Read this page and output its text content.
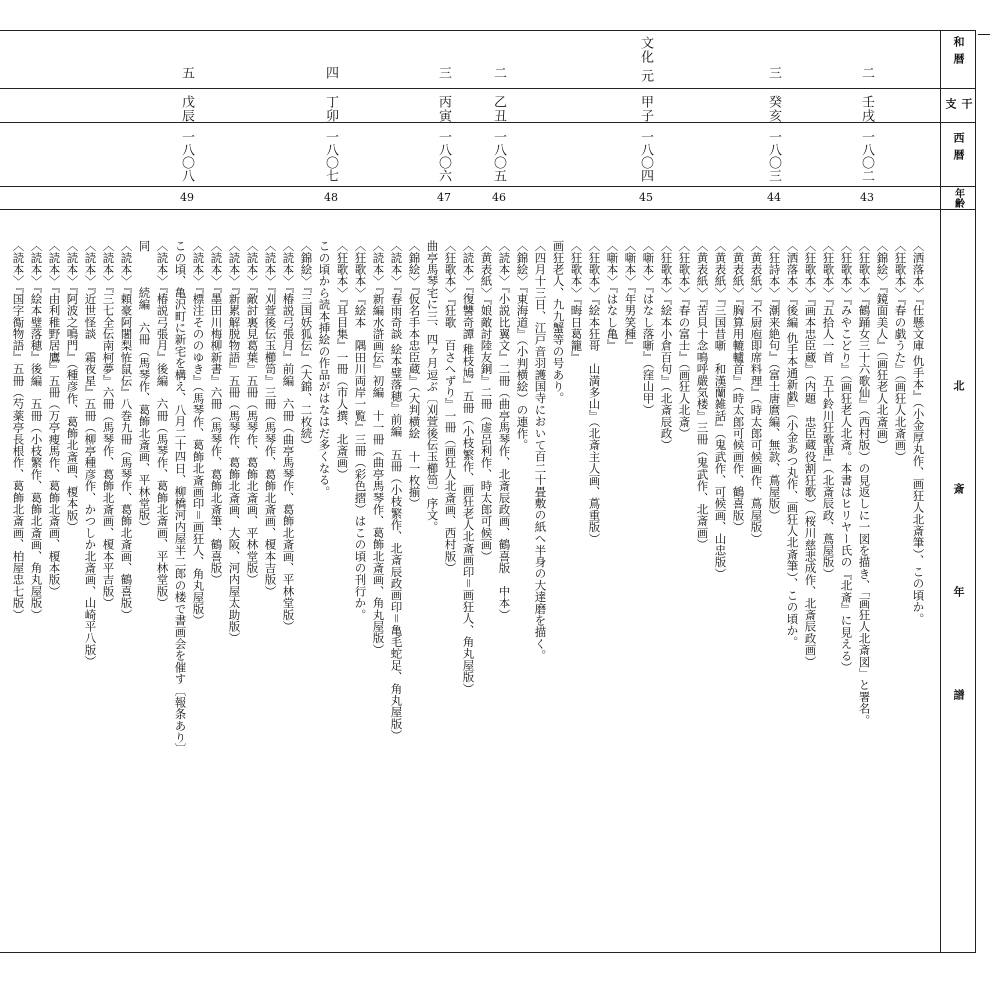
和暦
干支
西暦
年齢
北斎年譜
二
壬戌
一八〇二
43
三
癸亥
一八〇三
44
文化 元
甲子
一八〇四
45
二
乙丑
一八〇五
46
三
丙寅
一八〇六
47
四
丁卯
一八〇七
48
五
戊辰
一八〇八
49
〈洒落本〉『仕懸文庫 仇手本』（小金厚丸作、画狂人北斎筆）、この頃か。
〈狂歌本〉『春の戯うた』（画狂人北斎画）
〈錦絵〉『鏡面美人』（画狂老人北斎画）
〈狂歌本〉『鶴踊女三十六歌仙』（西村版）の見返しに一図を描き、「画狂人北斎図」と署名。
〈狂歌本〉『みやこどり』（画狂老人北斎。本書はヒリヤー氏の『北斎』に見える）
〈狂歌本〉『五拾人一首　五十鈴川狂歌車』（北斎辰政、蔦屋版）
〈狂歌本〉『画本忠臣蔵』（内題　忠臣蔵役割狂歌）（桜川慈悲成作、北斎辰政画）
〈洒落本〉『後編 仇手本通新戯』（小金あつ丸作、画狂人北斎筆）、この頃か。
〈狂詩本〉『潮来絶句』（富士唐麿編、無款、蔦屋版）
〈黄表紙〉『不厨庖即席料理』（時太郎可候画作、蔦屋版）
〈黄表紙〉『胸算用轆轤首』（時太郎可候画作、鶴喜版）
〈黄表紙〉『三国昔噺　和漢蘭雑話』（鬼武作、可候画、山忠版）
〈黄表紙〉『苦貝十念鳴呼嚴気楼』三冊（鬼武作、北斎画）
〈狂歌本〉『春の富士』（画狂人北斎）
〈狂歌本〉『絵本小倉百句』（北斎辰政）
〈噺本〉『はなし落噺』（窪山甲）
〈噺本〉『年男笑種』
〈噺本〉『はなし亀』
〈狂歌本〉『絵本狂哥　山満多山』（北斎主人画、蔦重版）
〈狂歌本〉『晦日葛籠』
画狂老人、九九蟹等の号あり。
〈四月十三日、江戸音羽護国寺において百二十畳敷の紙へ半身の大達磨を描く。
〈錦絵〉『東海道』（小判横絵）の連作。
〈読本〉『小説比翼文』二冊（曲亭馬琴作、北斎辰政画、鶴喜版　中本）
〈黄表紙〉『娘敵討陸友銅』二冊（虚呂利作、時太郎可候画）
〈読本〉『復讐奇譚 稚枝鳩』五冊（小枝繁作、画狂老人北斎画印＝画狂人、角丸屋版）
〈狂歌本〉『狂歌　百さへずり』一冊（画狂人北斎画、西村版）
曲亭馬琴宅に三、四ヶ月逗ぶ〔刈萱後伝玉櫛笥〕序文。
〈錦絵〉『仮名手本忠臣蔵』（大判横絵　十一枚揃）
〈読本〉『春雨奇談 絵本璧落穂』前編　五冊（小枝繁作、北斎辰政画印＝亀毛蛇足、角丸屋版）
〈読本〉『新編水滸画伝』初編　十一冊（曲亭馬琴作、葛飾北斎画、角丸屋版）
〈狂歌本〉『絵本　隅田川両岸一覧』三冊（彩色摺）はこの頃の刊行か。
〈狂歌本〉『耳目集』一冊（市人撰、北斎画）
この頃から読本挿絵の作品がはなはだ多くなる。
〈錦絵〉『三国妖狐伝』（大錦、二枚続）
〈読本〉『椿説弓張月』前編　六冊（曲亭馬琴作、葛飾北斎画、平林堂版）
〈読本〉『刈萱後伝玉櫛笥』三冊（馬琴作、葛飾北斎画、榎本吉版）
〈読本〉『敵討裏見葛葉』五冊（馬琴作、葛飾北斎画、平林堂版）
〈読本〉『新累解脱物語』五冊（馬琴作、葛飾北斎画、大阪、河内屋太助版）
〈読本〉『墨田川梅柳新書』六冊（馬琴作、葛飾北斎筆、鶴喜版）
〈読本〉『標注そののゆき』（馬琴作、葛飾北斎画印＝画狂人、角丸屋版）
この頃、亀沢町に新宅を構え、八月二十四日、柳橋河内屋半二郎の楼で書画会を催す〔報条あり〕
〈読本〉『椿説弓張月』後編　六冊（馬琴作、葛飾北斎画、平林堂版）
同　　　続編　六冊（馬琴作、葛飾北斎画、平林堂版）
〈読本〉『頼豪阿闍梨恠鼠伝』八巻九冊（馬琴作、葛飾北斎画、鶴喜版）
〈読本〉『三七全伝南柯夢』六冊（馬琴作、葛飾北斎画、榎本平吉版）
〈読本〉『近世怪談　霜夜星』五冊（柳亭種彦作、かつしか北斎画、山崎平八版）
〈読本〉『阿波之鳴門』（種彦作、葛飾北斎画、榎本版）
〈読本〉『由利稚野居鷹』五冊（万亭痩馬作、葛飾北斎画、榎本版）
〈読本〉『絵本璧落穂』後編　五冊（小枝繁作、葛飾北斎画、角丸屋版）
〈読本〉『国字鵆物語』五冊（芍薬亭長根作、葛飾北斎画、柏屋忠七版）
